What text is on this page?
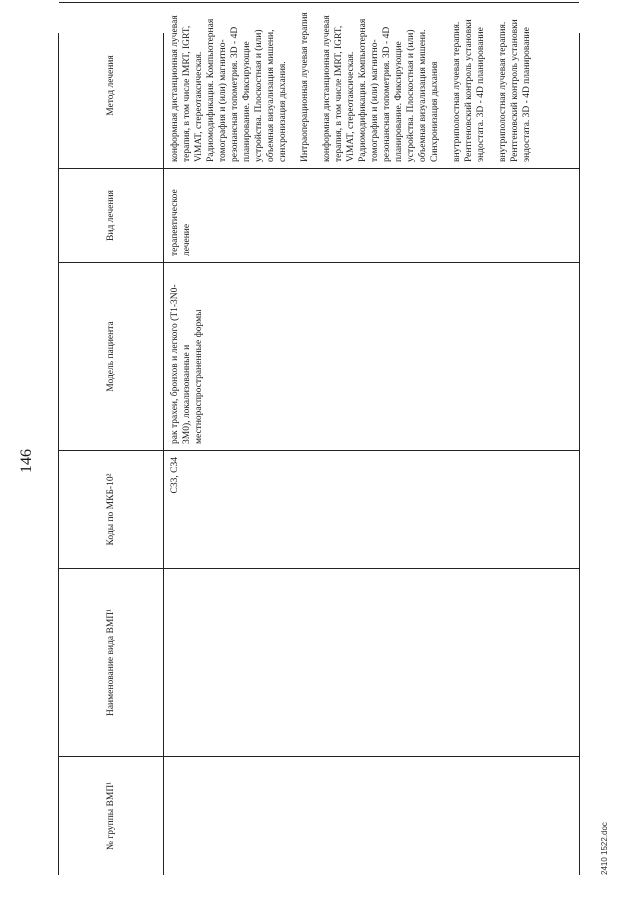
146
№ группы ВМП¹
Наименование вида ВМП¹
Коды по МКБ-10²
Модель пациента
Вид лечения
Метод лечения
C33, C34
рак трахеи, бронхов и легкого (T1-3N0-3M0), локализованные и местнораспространенные формы
терапевтическое лечение
конформная дистанционная лучевая терапия, в том числе IMRT, IGRT, ViMAT, стереотаксическая. Радиомодификация. Компьютерная томография и (или) магнитно-резонансная топометрия. 3D - 4D планирование. Фиксирующие устройства. Плоскостная и (или) объемная визуализация мишени, синхронизация дыхания. Интраоперационная лучевая терапия конформная дистанционная лучевая терапия, в том числе IMRT, IGRT, ViMAT, стереотаксическая. Радиомодификация. Компьютерная томография и (или) магнитно-резонансная топометрия. 3D - 4D планирование. Фиксирующие устройства. Плоскостная и (или) объемная визуализация мишени. Синхронизация дыхания внутриполостная лучевая терапия. Рентгеновский контроль установки эндостата. 3D - 4D планирование внутриполостная лучевая терапия. Рентгеновский контроль установки эндостата. 3D - 4D планирование
2410 1522.doc
